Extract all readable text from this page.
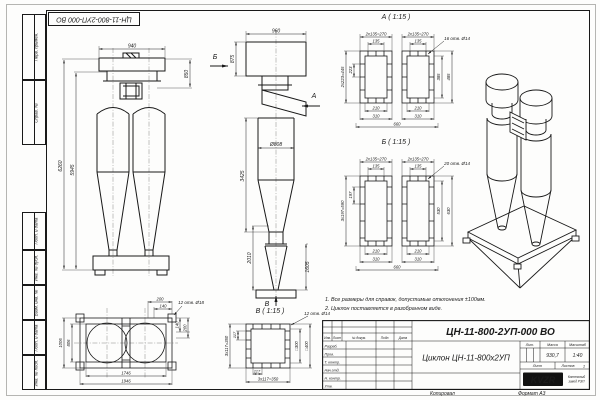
ЦН-11-800-2УП-000 ВО
Перв. примен.
Справ. №
Подп. и дата
Инв. № дубл.
Взам. инв. №
Подп. и дата
Инв. № подл.
940
6260 5945
850
Б
А
В
960
875
Ø808
3425
2010
1605
А ( 1:15 )
2х135=270	2х135=270
135	135	16 отв. Ø14
2х223=445 223
385 485
210	210
310	310
660
Б ( 1:15 )
2х135=270	2х135=270
135	135	20 отв. Ø14
3х197=590
197
530 630
210	210
310	310
660
В ( 1:15 )	12 отв. Ø14
3х117=350
117
□300 □400
117
3х117=350
200
140
12 отв. Ø18
1006 806
140 200
1746
1946
1. Все размеры для справок, допустимые отклонения ±100мм.
2. Циклон поставляется в разобранном виде.
ЦН-11-800-2УП-000 ВО
Циклон ЦН-11-800х2УП
Изм. Лист	№ докум.	Подп.	Дата
Разраб.
Пров.
Т. контр.
Нач.отд.
Н. контр.
Утв.
Лит.	Масса	Масштаб
930,7	1:40
Лист	Листов 1
KVZR	Котельный
завод РЭП
Копировал	Формат А3
